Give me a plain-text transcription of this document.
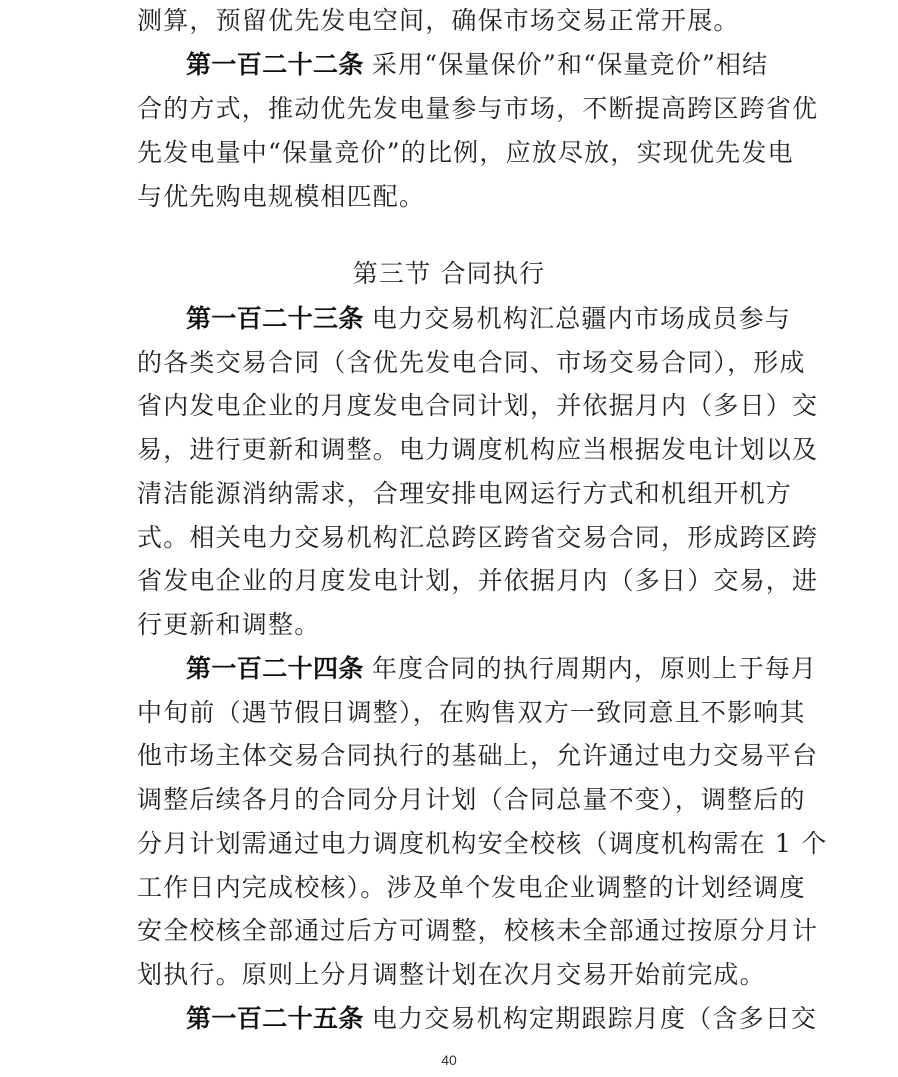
测算，预留优先发电空间，确保市场交易正常开展。
第一百二十二条 采用“保量保价”和“保量竞价”相结
合的方式，推动优先发电量参与市场，不断提高跨区跨省优
先发电量中“保量竞价”的比例，应放尽放，实现优先发电
与优先购电规模相匹配。
第三节 合同执行
第一百二十三条 电力交易机构汇总疆内市场成员参与
的各类交易合同（含优先发电合同、市场交易合同），形成
省内发电企业的月度发电合同计划，并依据月内（多日）交
易，进行更新和调整。电力调度机构应当根据发电计划以及
清洁能源消纳需求，合理安排电网运行方式和机组开机方
式。相关电力交易机构汇总跨区跨省交易合同，形成跨区跨
省发电企业的月度发电计划，并依据月内（多日）交易，进
行更新和调整。
第一百二十四条 年度合同的执行周期内，原则上于每月
中旬前（遇节假日调整），在购售双方一致同意且不影响其
他市场主体交易合同执行的基础上，允许通过电力交易平台
调整后续各月的合同分月计划（合同总量不变），调整后的
分月计划需通过电力调度机构安全校核（调度机构需在 1 个
工作日内完成校核）。涉及单个发电企业调整的计划经调度
安全校核全部通过后方可调整，校核未全部通过按原分月计
划执行。原则上分月调整计划在次月交易开始前完成。
第一百二十五条 电力交易机构定期跟踪月度（含多日交
40
